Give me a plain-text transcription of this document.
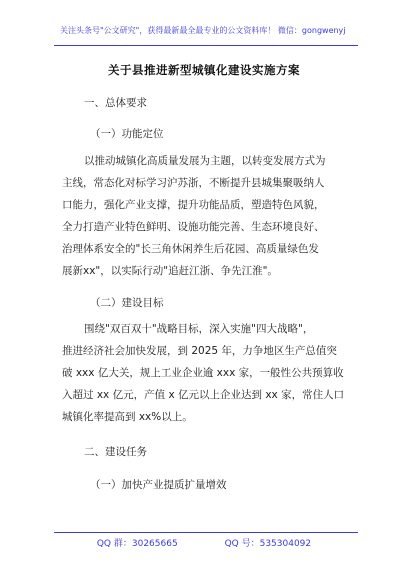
关注头条号"公文研究"，获得最新最全最专业的公文资料库！ 微信：gongwenyj
关于县推进新型城镇化建设实施方案
一、总体要求
（一）功能定位
以推动城镇化高质量发展为主题，以转变发展方式为
主线，常态化对标学习沪苏浙，不断提升县城集聚吸纳人
口能力，强化产业支撑，提升功能品质，塑造特色风貌，
全力打造产业特色鲜明、设施功能完善、生态环境良好、
治理体系安全的"长三角休闲养生后花园、高质量绿色发
展新xx"，以实际行动"追赶江浙、争先江淮"。
（二）建设目标
围绕"双百双十"战略目标，深入实施"四大战略"，
推进经济社会加快发展，到 2025 年，力争地区生产总值突
破 xxx 亿大关，规上工业企业逾 xxx 家，一般性公共预算收
入超过 xx 亿元，产值 x 亿元以上企业达到 xx 家，常住人口
城镇化率提高到 xx%以上。
二、建设任务
（一）加快产业提质扩量增效
QQ 群：30265665	QQ 号：535304092
